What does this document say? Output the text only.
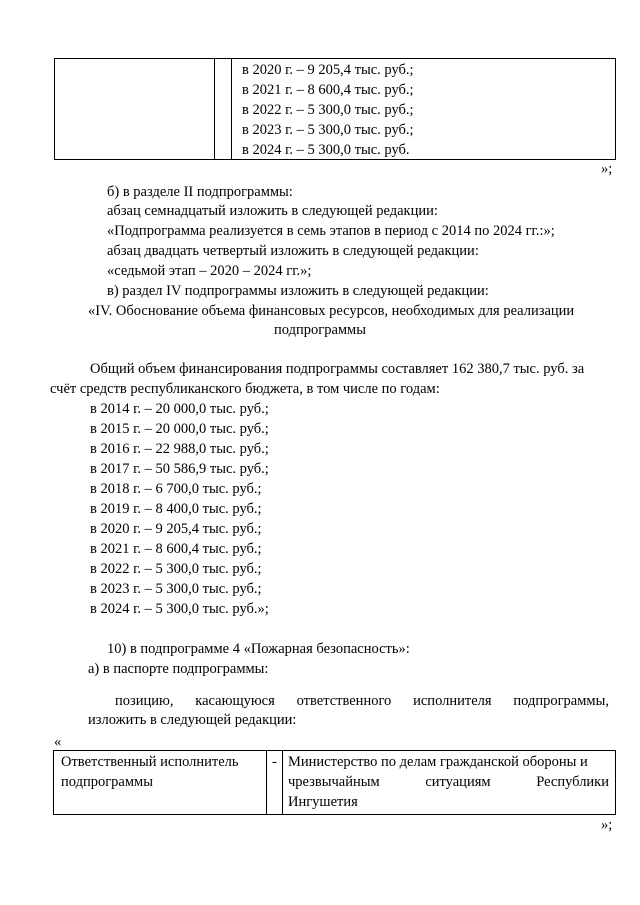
в 2020 г. – 9 205,4 тыс. руб.;
в 2021 г. – 8 600,4 тыс. руб.;
в 2022 г. – 5 300,0 тыс. руб.;
в 2023 г. – 5 300,0 тыс. руб.;
в 2024 г. – 5 300,0 тыс. руб.
»;
б) в разделе II подпрограммы:
абзац семнадцатый изложить в следующей редакции:
«Подпрограмма реализуется в семь этапов в период с 2014 по 2024 гг.:»;
абзац двадцать четвертый изложить в следующей редакции:
«седьмой этап – 2020 – 2024 гг.»;
в) раздел IV подпрограммы изложить в следующей редакции:
«IV. Обоснование объема финансовых ресурсов, необходимых для реализации
подпрограммы
Общий объем финансирования подпрограммы составляет 162 380,7 тыс. руб. за
счёт средств республиканского бюджета, в том числе по годам:
в 2014 г. – 20 000,0 тыс. руб.;
в 2015 г. – 20 000,0 тыс. руб.;
в 2016 г. – 22 988,0 тыс. руб.;
в 2017 г. – 50 586,9 тыс. руб.;
в 2018 г. – 6 700,0 тыс. руб.;
в 2019 г. – 8 400,0 тыс. руб.;
в 2020 г. – 9 205,4 тыс. руб.;
в 2021 г. – 8 600,4 тыс. руб.;
в 2022 г. – 5 300,0 тыс. руб.;
в 2023 г. – 5 300,0 тыс. руб.;
в 2024 г. – 5 300,0 тыс. руб.»;
10) в подпрограмме 4 «Пожарная безопасность»:
а) в паспорте подпрограммы:
позицию, касающуюся ответственного исполнителя подпрограммы,
изложить в следующей редакции:
«
Ответственный исполнитель
подпрограммы
- Министерство по делам гражданской обороны и
чрезвычайным	ситуациям	Республики
Ингушетия
»;
